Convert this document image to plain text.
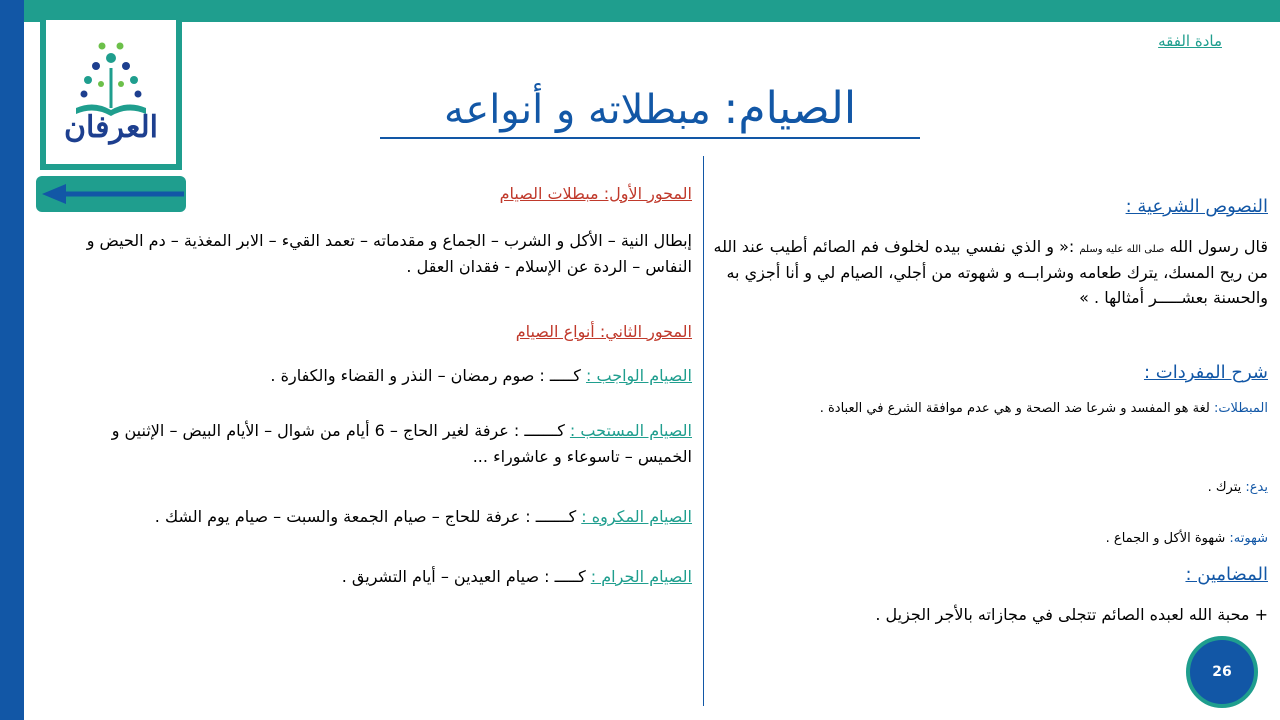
العرفان
مادة الفقه
الصيام: مبطلاته و أنواعه
المحور الأول: مبطلات الصيام
إبطال النية – الأكل و الشرب – الجماع و مقدماته – تعمد القيء – الابر المغذية – دم الحيض و النفاس – الردة عن الإسلام - فقدان العقل .
المحور الثاني: أنواع الصيام
الصيام الواجب : كـــــ : صوم رمضان – النذر و القضاء والكفارة .
الصيام المستحب : كـــــــ : عرفة لغير الحاج – 6 أيام من شوال – الأيام البيض – الإثنين و الخميس – تاسوعاء و عاشوراء ...
الصيام المكروه : كـــــــ : عرفة للحاج – صيام الجمعة والسبت – صيام يوم الشك .
الصيام الحرام : كـــــ : صيام العيدين – أيام التشريق .
النصوص الشرعية :
قال رسول الله صلى الله عليه وسلم :« و الذي نفسي بيده لخلوف فم الصائم أطيب عند الله من ريح المسك، يترك طعامه وشرابــه و شهوته من أجلي، الصيام لي و أنا أجزي به والحسنة بعشـــــر أمثالها . »
شرح المفردات :
المبطلات: لغة هو المفسد و شرعا ضد الصحة و هي عدم موافقة الشرع في العبادة .
يدع: يترك .
شهوته: شهوة الأكل و الجماع .
المضامين :
+ محبة الله لعبده الصائم تتجلى في مجازاته بالأجر الجزيل .
26
